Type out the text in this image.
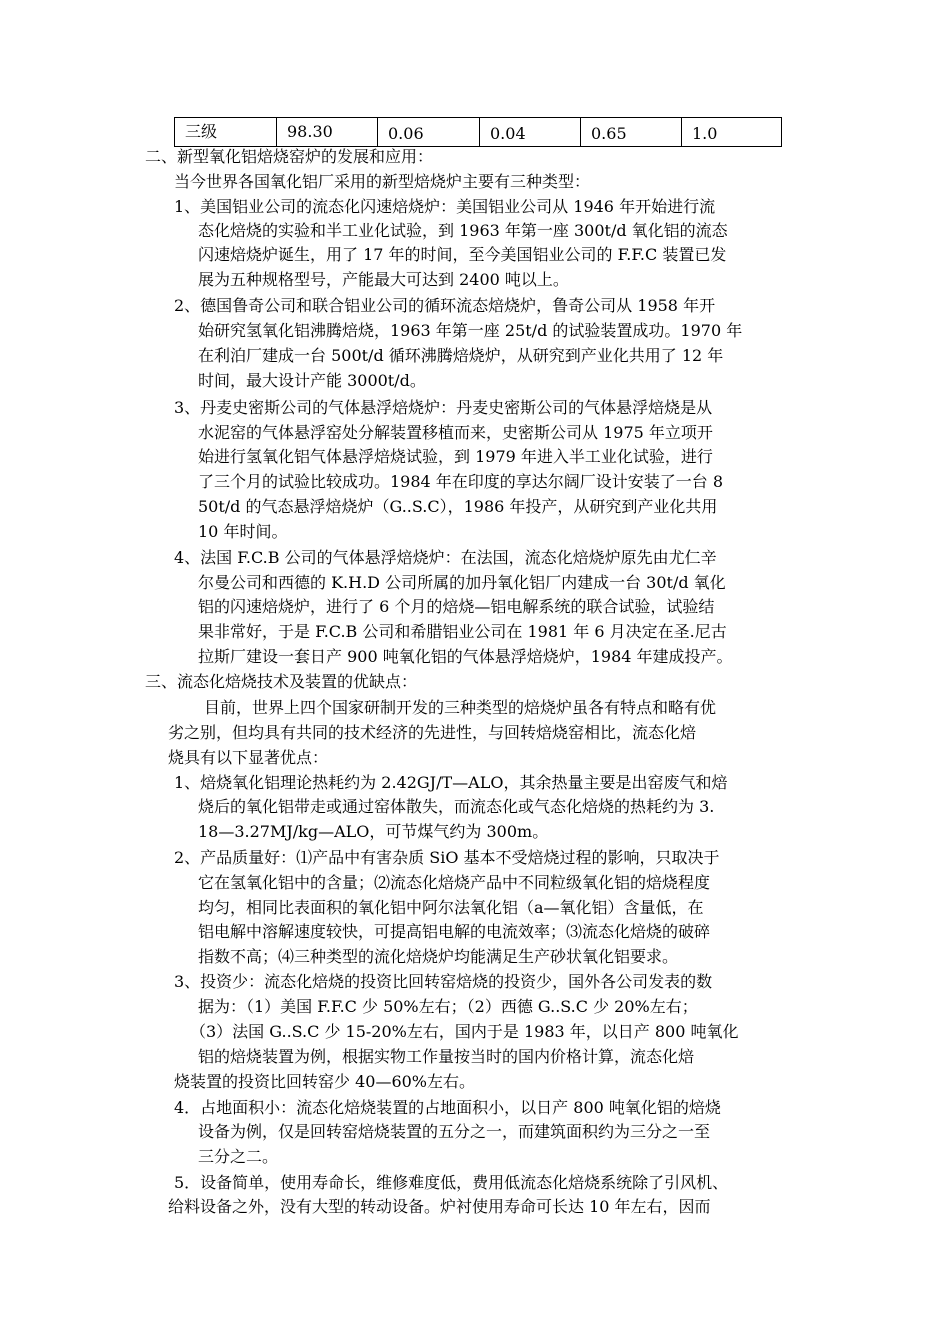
三级	98.30	0.06	0.04	0.65	1.0
二、新型氧化铝焙烧窑炉的发展和应用：
当今世界各国氧化铝厂采用的新型焙烧炉主要有三种类型：
1、美国铝业公司的流态化闪速焙烧炉：美国铝业公司从 1946 年开始进行流
态化焙烧的实验和半工业化试验，到 1963 年第一座 300t/d 氧化铝的流态
闪速焙烧炉诞生，用了 17 年的时间，至今美国铝业公司的 F.F.C 装置已发
展为五种规格型号，产能最大可达到 2400 吨以上。
2、德国鲁奇公司和联合铝业公司的循环流态焙烧炉，鲁奇公司从 1958 年开
始研究氢氧化铝沸腾焙烧，1963 年第一座 25t/d 的试验装置成功。1970 年
在利泊厂建成一台 500t/d 循环沸腾焙烧炉，从研究到产业化共用了 12 年
时间，最大设计产能 3000t/d。
3、丹麦史密斯公司的气体悬浮焙烧炉：丹麦史密斯公司的气体悬浮焙烧是从
水泥窑的气体悬浮窑处分解装置移植而来，史密斯公司从 1975 年立项开
始进行氢氧化铝气体悬浮焙烧试验，到 1979 年进入半工业化试验，进行
了三个月的试验比较成功。1984 年在印度的享达尔阔厂设计安装了一台 8
50t/d 的气态悬浮焙烧炉（G..S.C），1986 年投产，从研究到产业化共用
10 年时间。
4、法国 F.C.B 公司的气体悬浮焙烧炉：在法国，流态化焙烧炉原先由尤仁辛
尔曼公司和西德的 K.H.D 公司所属的加丹氧化铝厂内建成一台 30t/d 氧化
铝的闪速焙烧炉，进行了 6 个月的焙烧—铝电解系统的联合试验，试验结
果非常好，于是 F.C.B 公司和希腊铝业公司在 1981 年 6 月决定在圣.尼古
拉斯厂建设一套日产 900 吨氧化铝的气体悬浮焙烧炉，1984 年建成投产。
三、流态化焙烧技术及装置的优缺点：
目前，世界上四个国家研制开发的三种类型的焙烧炉虽各有特点和略有优
劣之别，但均具有共同的技术经济的先进性，与回转焙烧窑相比，流态化焙
烧具有以下显著优点：
1、焙烧氧化铝理论热耗约为 2.42GJ/T—ALO，其余热量主要是出窑废气和焙
烧后的氧化铝带走或通过窑体散失，而流态化或气态化焙烧的热耗约为 3.
18—3.27MJ/kg—ALO，可节煤气约为 300m。
2、产品质量好：⑴产品中有害杂质 SiO 基本不受焙烧过程的影响，只取决于
它在氢氧化铝中的含量；⑵流态化焙烧产品中不同粒级氧化铝的焙烧程度
均匀，相同比表面积的氧化铝中阿尔法氧化铝（a—氧化铝）含量低，在
铝电解中溶解速度较快，可提高铝电解的电流效率；⑶流态化焙烧的破碎
指数不高；⑷三种类型的流化焙烧炉均能满足生产砂状氧化铝要求。
3、投资少：流态化焙烧的投资比回转窑焙烧的投资少，国外各公司发表的数
据为：（1）美国 F.F.C 少 50%左右；（2）西德 G..S.C 少 20%左右；
（3）法国 G..S.C 少 15-20%左右，国内于是 1983 年，以日产 800 吨氧化
铝的焙烧装置为例，根据实物工作量按当时的国内价格计算，流态化焙
烧装置的投资比回转窑少 40—60%左右。
4．占地面积小：流态化焙烧装置的占地面积小，以日产 800 吨氧化铝的焙烧
设备为例，仅是回转窑焙烧装置的五分之一，而建筑面积约为三分之一至
三分之二。
5．设备简单，使用寿命长，维修难度低，费用低流态化焙烧系统除了引风机、
给料设备之外，没有大型的转动设备。炉衬使用寿命可长达 10 年左右，因而
